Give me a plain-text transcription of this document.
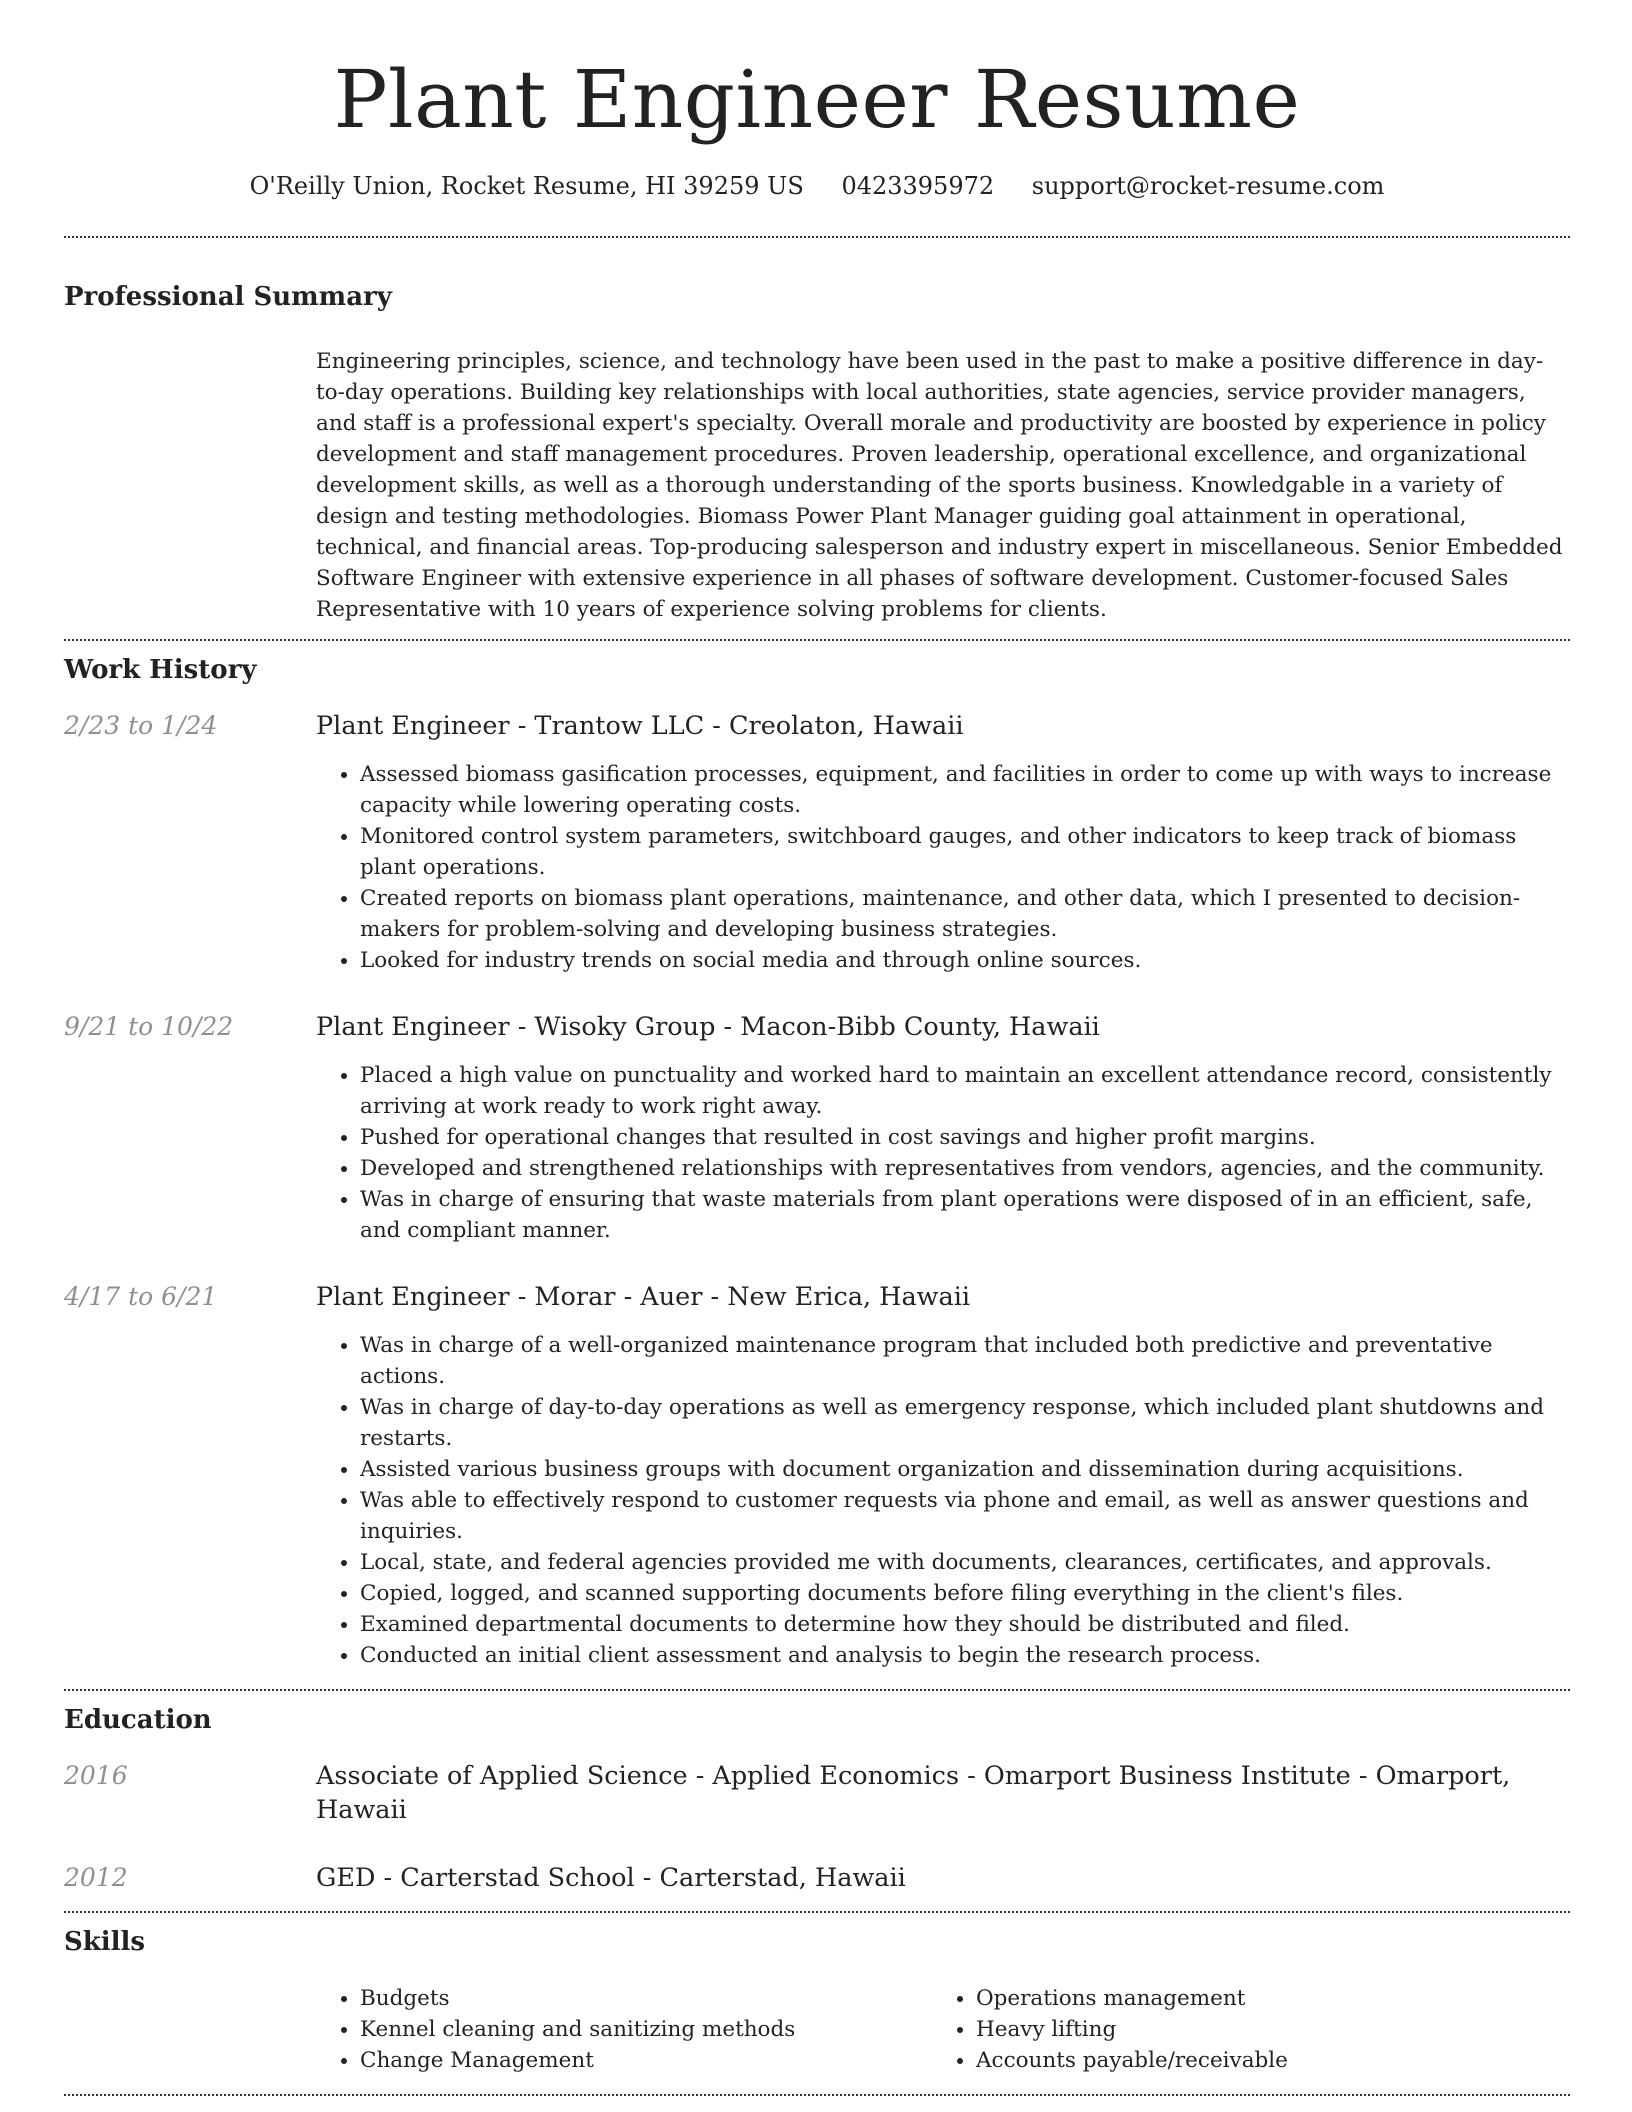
Plant Engineer Resume
O'Reilly Union, Rocket Resume, HI 39259 US 0423395972 support@rocket-resume.com
Professional Summary

Engineering principles, science, and technology have been used in the past to make a positive difference in day-to-day operations. Building key relationships with local authorities, state agencies, service provider managers, and staff is a professional expert's specialty. Overall morale and productivity are boosted by experience in policy development and staff management procedures. Proven leadership, operational excellence, and organizational development skills, as well as a thorough understanding of the sports business. Knowledgable in a variety of design and testing methodologies. Biomass Power Plant Manager guiding goal attainment in operational, technical, and financial areas. Top-producing salesperson and industry expert in miscellaneous. Senior Embedded Software Engineer with extensive experience in all phases of software development. Customer-focused Sales Representative with 10 years of experience solving problems for clients.

Work History
2/23 to 1/24	Plant Engineer - Trantow LLC - Creolaton, Hawaii
• Assessed biomass gasification processes, equipment, and facilities in order to come up with ways to increase capacity while lowering operating costs.
• Monitored control system parameters, switchboard gauges, and other indicators to keep track of biomass plant operations.
• Created reports on biomass plant operations, maintenance, and other data, which I presented to decision-makers for problem-solving and developing business strategies.
• Looked for industry trends on social media and through online sources.
9/21 to 10/22	Plant Engineer - Wisoky Group - Macon-Bibb County, Hawaii
• Placed a high value on punctuality and worked hard to maintain an excellent attendance record, consistently arriving at work ready to work right away.
• Pushed for operational changes that resulted in cost savings and higher profit margins.
• Developed and strengthened relationships with representatives from vendors, agencies, and the community.
• Was in charge of ensuring that waste materials from plant operations were disposed of in an efficient, safe, and compliant manner.
4/17 to 6/21	Plant Engineer - Morar - Auer - New Erica, Hawaii
• Was in charge of a well-organized maintenance program that included both predictive and preventative actions.
• Was in charge of day-to-day operations as well as emergency response, which included plant shutdowns and restarts.
• Assisted various business groups with document organization and dissemination during acquisitions.
• Was able to effectively respond to customer requests via phone and email, as well as answer questions and inquiries.
• Local, state, and federal agencies provided me with documents, clearances, certificates, and approvals.
• Copied, logged, and scanned supporting documents before filing everything in the client's files.
• Examined departmental documents to determine how they should be distributed and filed.
• Conducted an initial client assessment and analysis to begin the research process.
Education
2016	Associate of Applied Science - Applied Economics - Omarport Business Institute - Omarport, Hawaii
2012	GED - Carterstad School - Carterstad, Hawaii
Skills
• Budgets
• Kennel cleaning and sanitizing methods
• Change Management
• Operations management
• Heavy lifting
• Accounts payable/receivable
